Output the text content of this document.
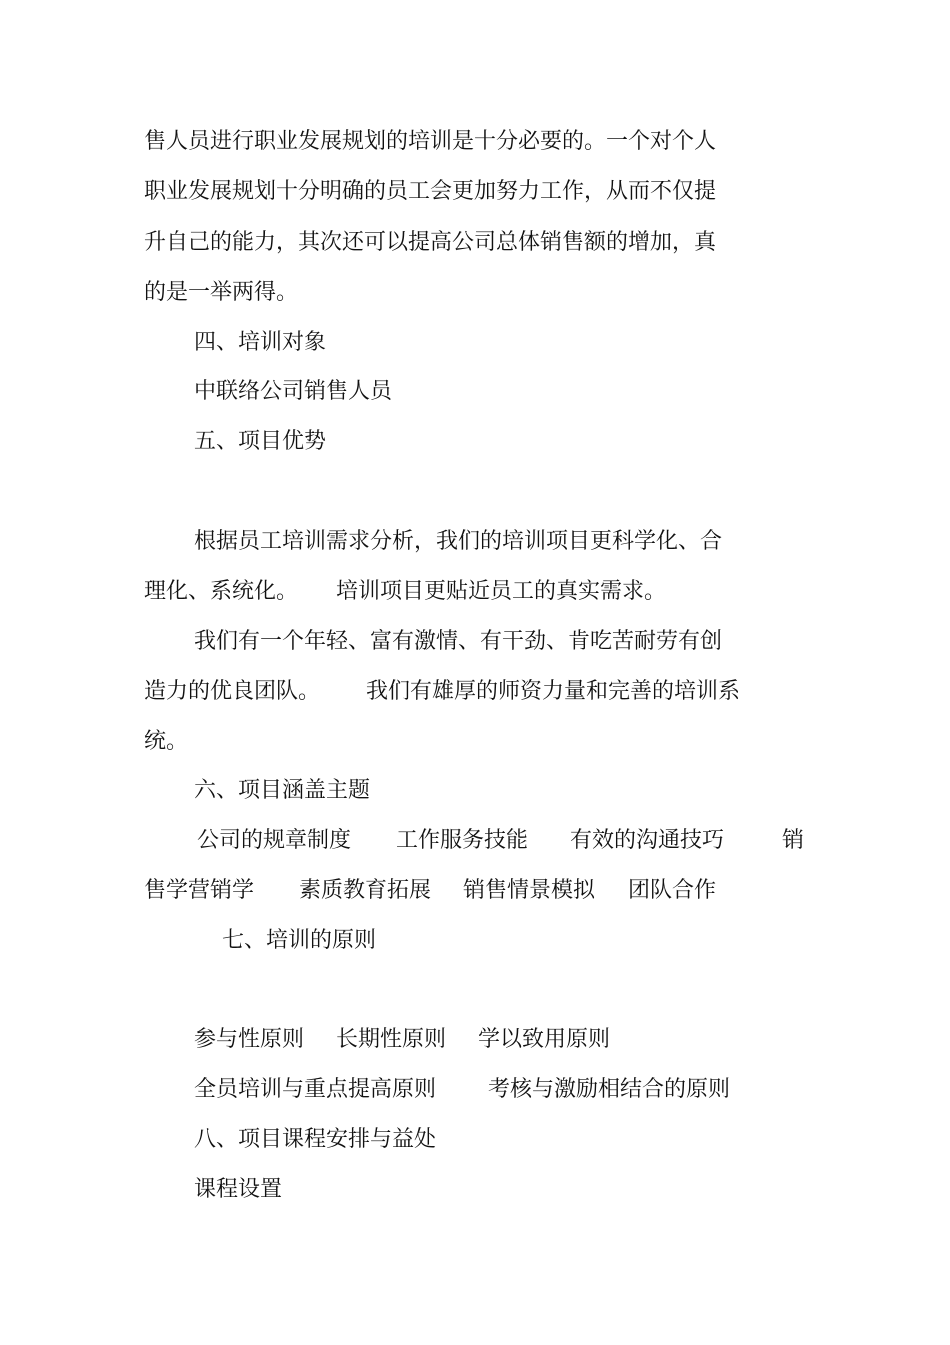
售人员进行职业发展规划的培训是十分必要的。一个对个人

职业发展规划十分明确的员工会更加努力工作，从而不仅提

升自己的能力，其次还可以提高公司总体销售额的增加，真

的是一举两得。

四、培训对象

中联络公司销售人员

五、项目优势

根据员工培训需求分析，我们的培训项目更科学化、合

理化、系统化。 培训项目更贴近员工的真实需求。

我们有一个年轻、富有激情、有干劲、肯吃苦耐劳有创

造力的优良团队。 我们有雄厚的师资力量和完善的培训系

统。

六、项目涵盖主题

公司的规章制度 工作服务技能 有效的沟通技巧	销

售学营销学 素质教育拓展 销售情景模拟 团队合作

七、培训的原则

参与性原则 长期性原则 学以致用原则

全员培训与重点提高原则 考核与激励相结合的原则

八、项目课程安排与益处

课程设置
